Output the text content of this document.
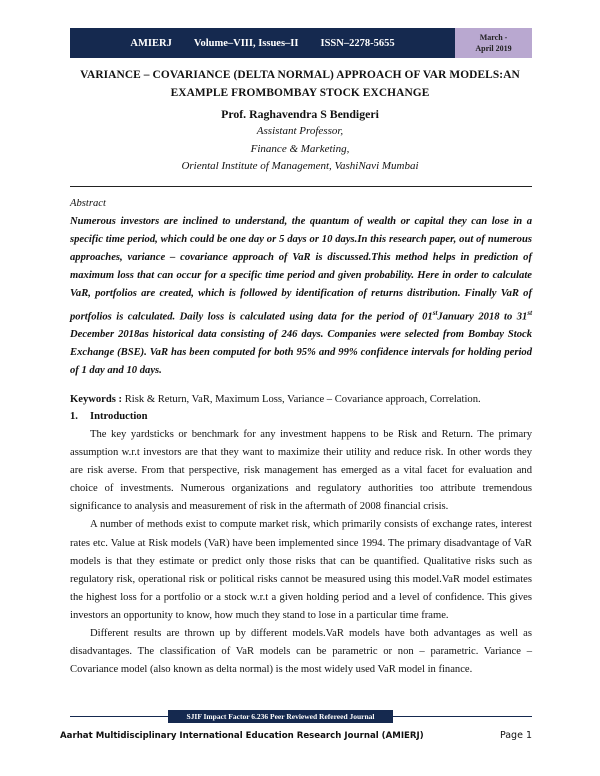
AMIERJ Volume–VIII, Issues–II ISSN–2278-5655	March -
April 2019
VARIANCE – COVARIANCE (DELTA NORMAL) APPROACH OF VAR MODELS:AN
EXAMPLE FROMBOMBAY STOCK EXCHANGE
Prof. Raghavendra S Bendigeri
Assistant Professor,
Finance & Marketing,
Oriental Institute of Management, VashiNavi Mumbai
Abstract
Numerous investors are inclined to understand, the quantum of wealth or capital they can lose in a specific time period, which could be one day or 5 days or 10 days.In this research paper, out of numerous approaches, variance – covariance approach of VaR is discussed.This method helps in prediction of maximum loss that can occur for a specific time period and given probability. Here in order to calculate VaR, portfolios are created, which is followed by identification of returns distribution. Finally VaR of portfolios is calculated. Daily loss is calculated using data for the period of 01stJanuary 2018 to 31st December 2018as historical data consisting of 246 days. Companies were selected from Bombay Stock Exchange (BSE). VaR has been computed for both 95% and 99% confidence intervals for holding period of 1 day and 10 days.
Keywords : Risk & Return, VaR, Maximum Loss, Variance – Covariance approach, Correlation.
1. Introduction

The key yardsticks or benchmark for any investment happens to be Risk and Return. The primary assumption w.r.t investors are that they want to maximize their utility and reduce risk. In other words they are risk averse. From that perspective, risk management has emerged as a vital facet for evaluation and choice of investments. Numerous organizations and regulatory authorities too attribute tremendous significance to analysis and measurement of risk in the aftermath of 2008 financial crisis.

A number of methods exist to compute market risk, which primarily consists of exchange rates, interest rates etc. Value at Risk models (VaR) have been implemented since 1994. The primary disadvantage of VaR models is that they estimate or predict only those risks that can be quantified. Qualitative risks such as regulatory risk, operational risk or political risks cannot be measured using this model.VaR model estimates the highest loss for a portfolio or a stock w.r.t a given holding period and a level of confidence. This gives investors an opportunity to know, how much they stand to lose in a particular time frame.

Different results are thrown up by different models.VaR models have both advantages as well as disadvantages. The classification of VaR models can be parametric or non – parametric. Variance – Covariance model (also known as delta normal) is the most widely used VaR model in finance.

SJIF Impact Factor 6.236 Peer Reviewed Refereed Journal
Aarhat Multidisciplinary International Education Research Journal (AMIERJ)	Page 1
